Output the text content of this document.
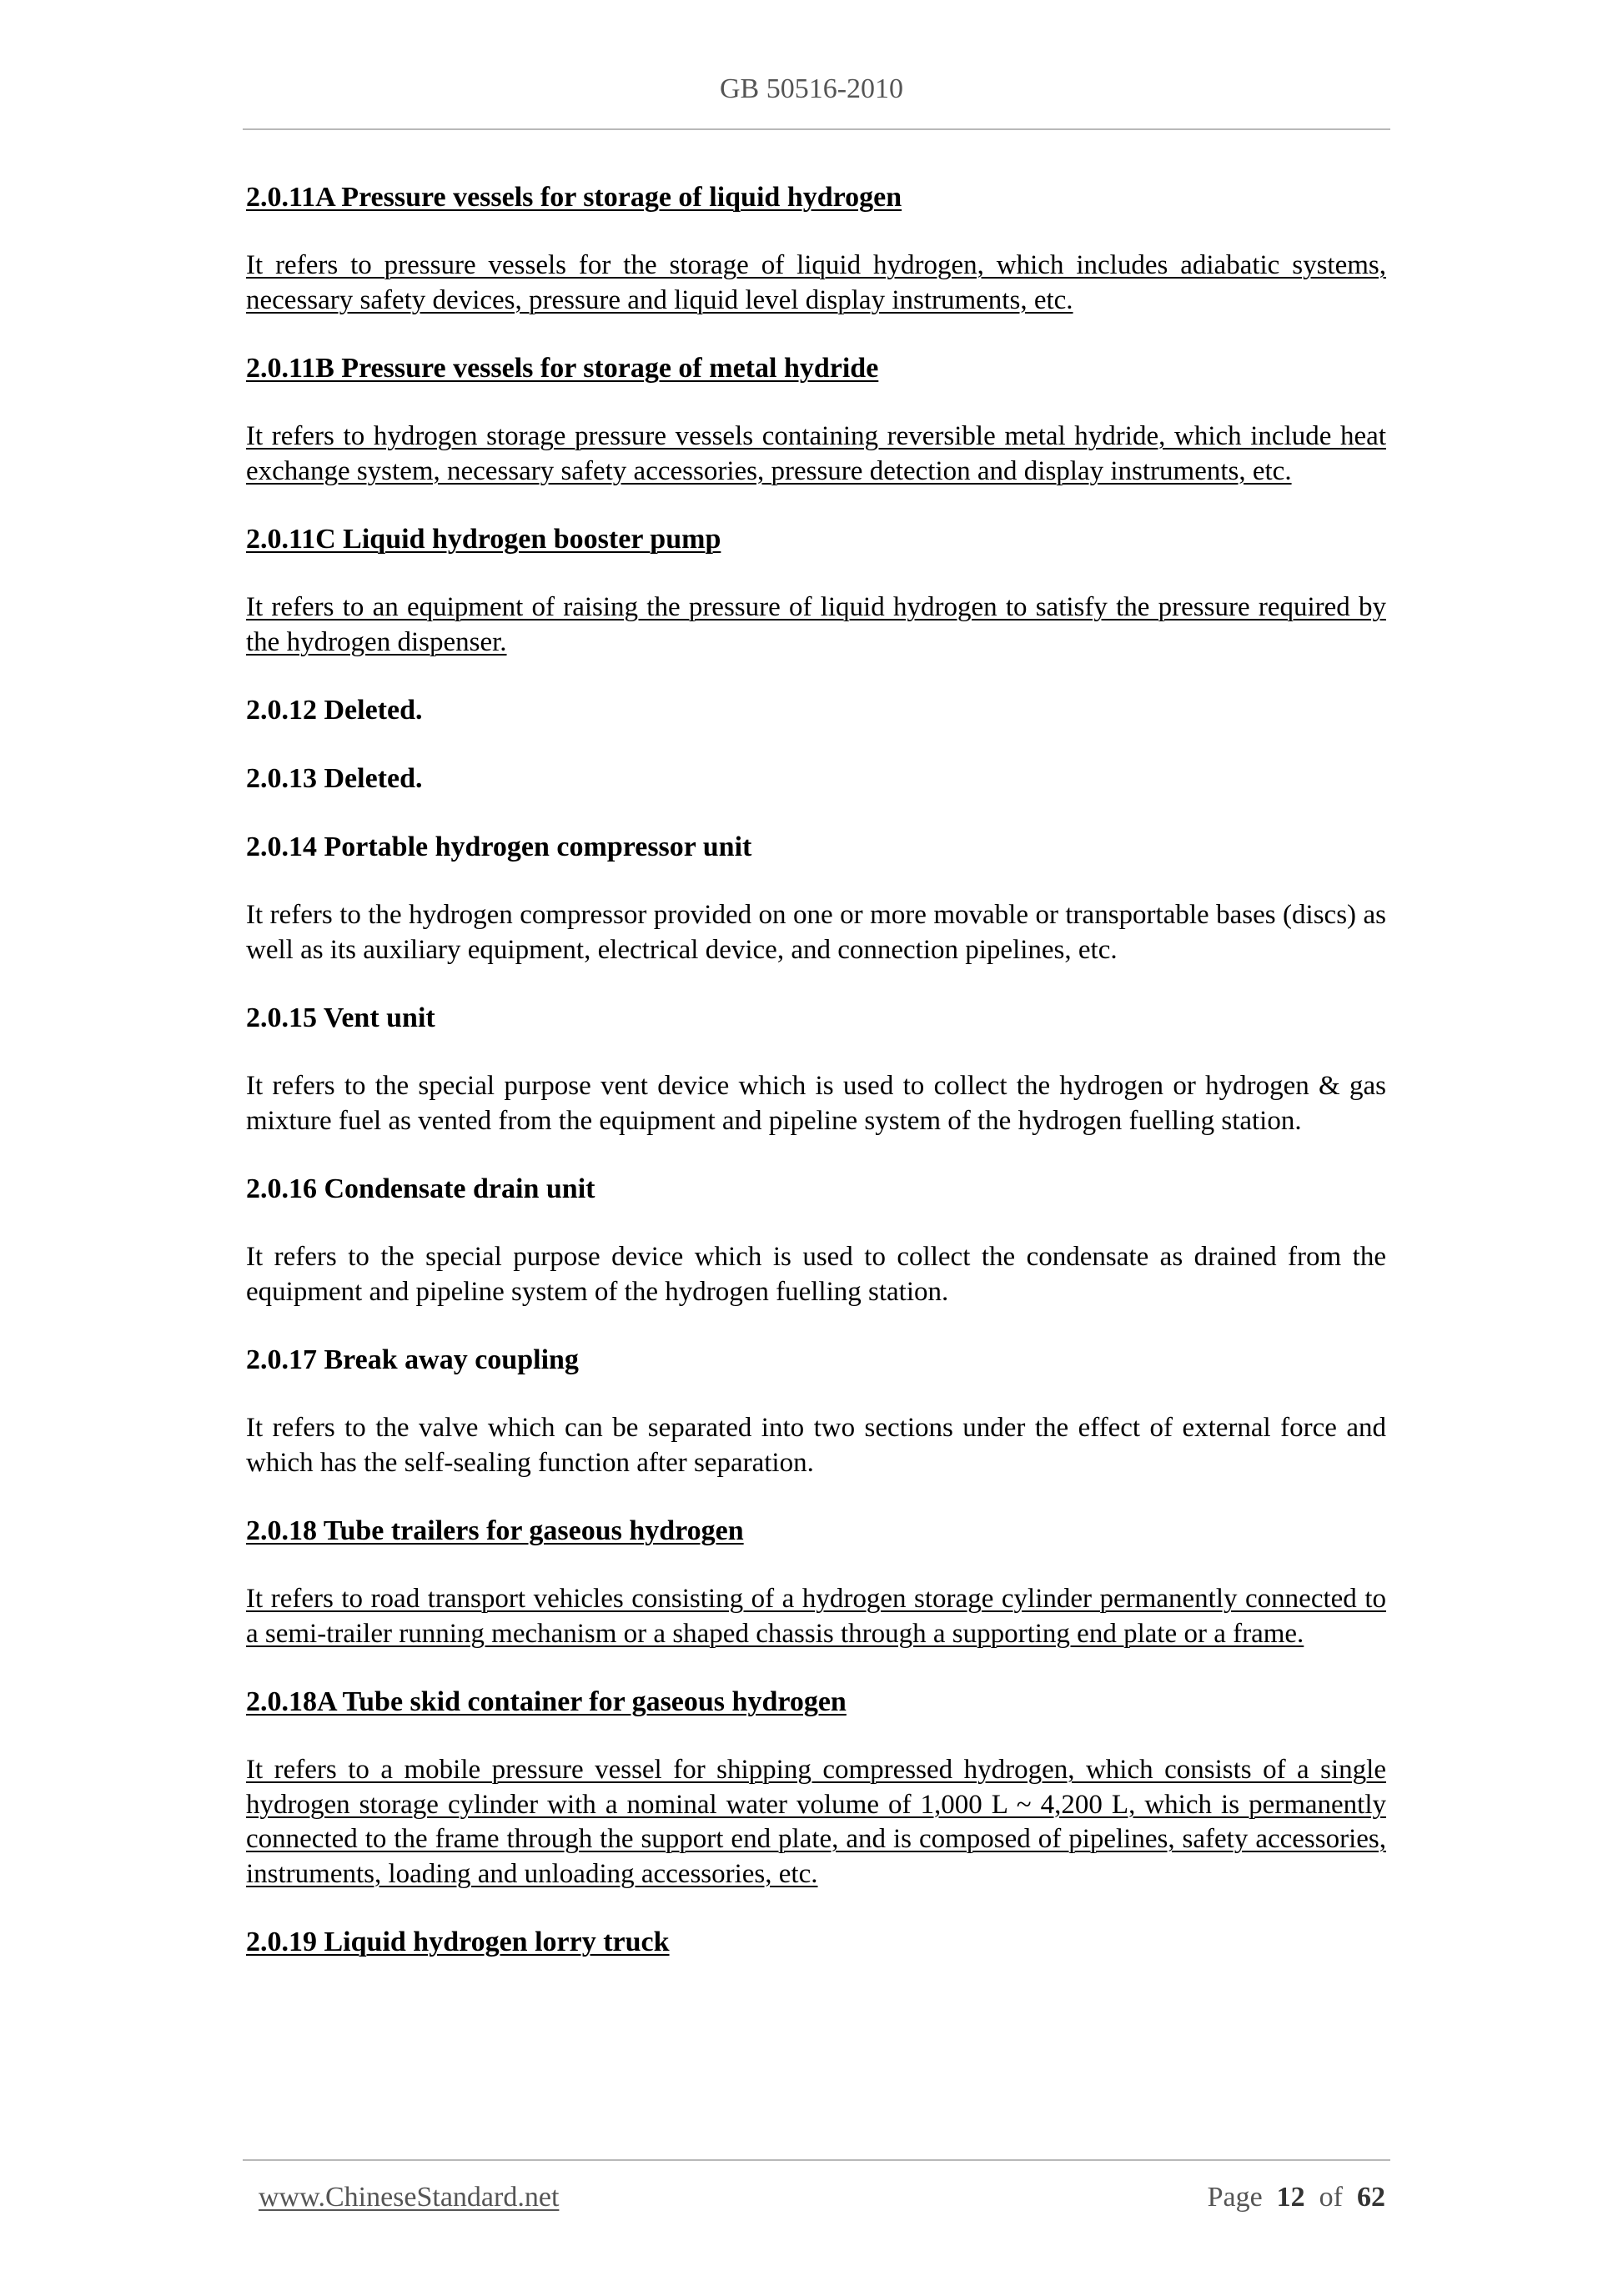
GB 50516-2010
2.0.11A Pressure vessels for storage of liquid hydrogen
It refers to pressure vessels for the storage of liquid hydrogen, which includes adiabatic systems, necessary safety devices, pressure and liquid level display instruments, etc.
2.0.11B Pressure vessels for storage of metal hydride
It refers to hydrogen storage pressure vessels containing reversible metal hydride, which include heat exchange system, necessary safety accessories, pressure detection and display instruments, etc.
2.0.11C Liquid hydrogen booster pump
It refers to an equipment of raising the pressure of liquid hydrogen to satisfy the pressure required by the hydrogen dispenser.
2.0.12 Deleted.
2.0.13 Deleted.
2.0.14 Portable hydrogen compressor unit
It refers to the hydrogen compressor provided on one or more movable or transportable bases (discs) as well as its auxiliary equipment, electrical device, and connection pipelines, etc.
2.0.15 Vent unit
It refers to the special purpose vent device which is used to collect the hydrogen or hydrogen & gas mixture fuel as vented from the equipment and pipeline system of the hydrogen fuelling station.
2.0.16 Condensate drain unit
It refers to the special purpose device which is used to collect the condensate as drained from the equipment and pipeline system of the hydrogen fuelling station.
2.0.17 Break away coupling
It refers to the valve which can be separated into two sections under the effect of external force and which has the self-sealing function after separation.
2.0.18 Tube trailers for gaseous hydrogen
It refers to road transport vehicles consisting of a hydrogen storage cylinder permanently connected to a semi-trailer running mechanism or a shaped chassis through a supporting end plate or a frame.
2.0.18A Tube skid container for gaseous hydrogen
It refers to a mobile pressure vessel for shipping compressed hydrogen, which consists of a single hydrogen storage cylinder with a nominal water volume of 1,000 L ~ 4,200 L, which is permanently connected to the frame through the support end plate, and is composed of pipelines, safety accessories, instruments, loading and unloading accessories, etc.
2.0.19 Liquid hydrogen lorry truck
www.ChineseStandard.net	Page 12 of 62
